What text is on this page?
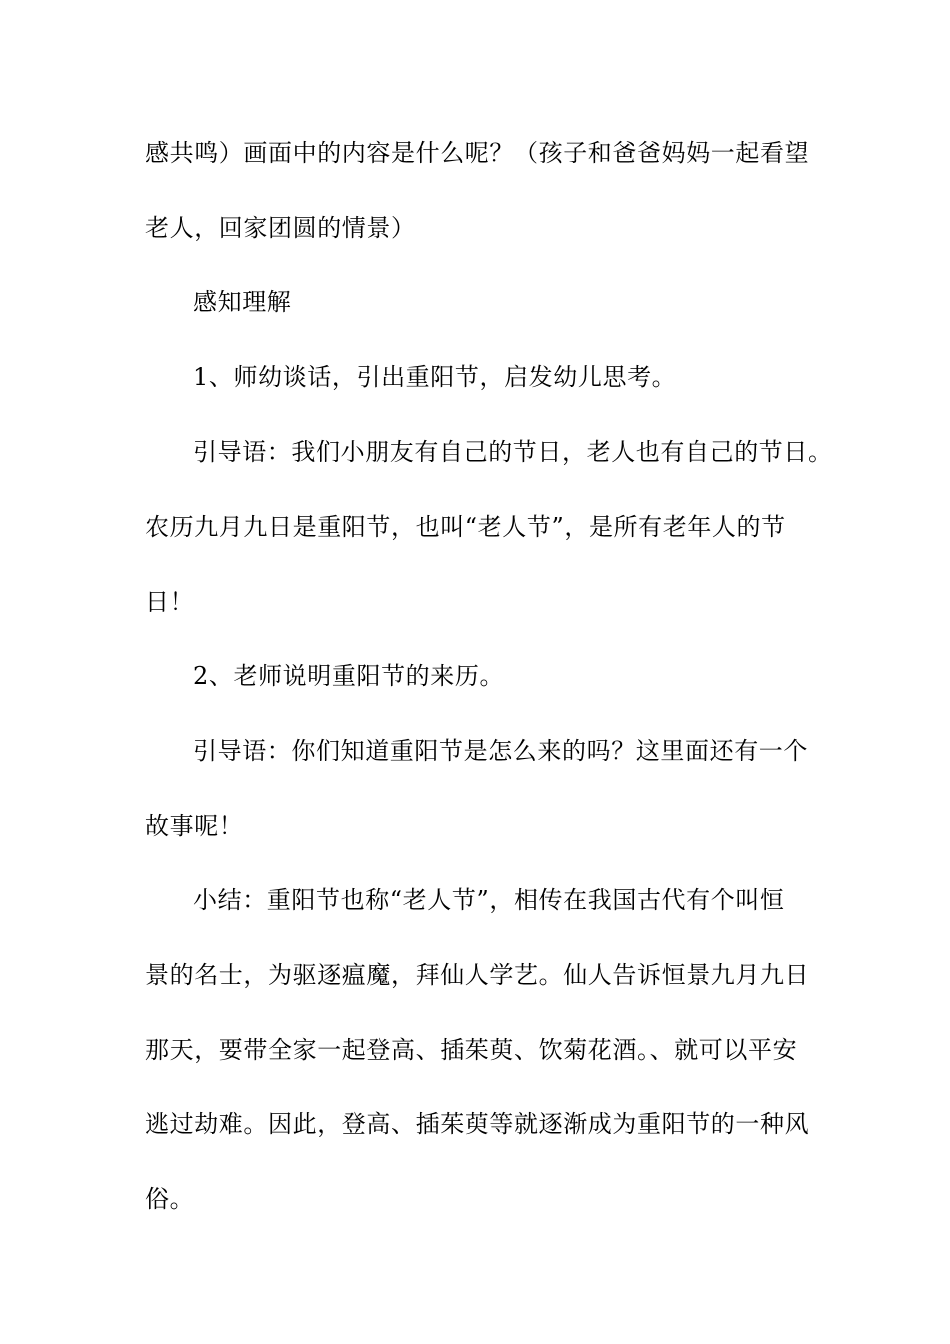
感共鸣）画面中的内容是什么呢？（孩子和爸爸妈妈一起看望
老人，回家团圆的情景）
感知理解
1、师幼谈话，引出重阳节，启发幼儿思考。
引导语：我们小朋友有自己的节日，老人也有自己的节日。
农历九月九日是重阳节，也叫“老人节”，是所有老年人的节
日！
2、老师说明重阳节的来历。
引导语：你们知道重阳节是怎么来的吗？这里面还有一个
故事呢！
小结：重阳节也称“老人节”，相传在我国古代有个叫恒
景的名士，为驱逐瘟魔，拜仙人学艺。仙人告诉恒景九月九日
那天，要带全家一起登高、插茱萸、饮菊花酒。、就可以平安
逃过劫难。因此，登高、插茱萸等就逐渐成为重阳节的一种风
俗。
